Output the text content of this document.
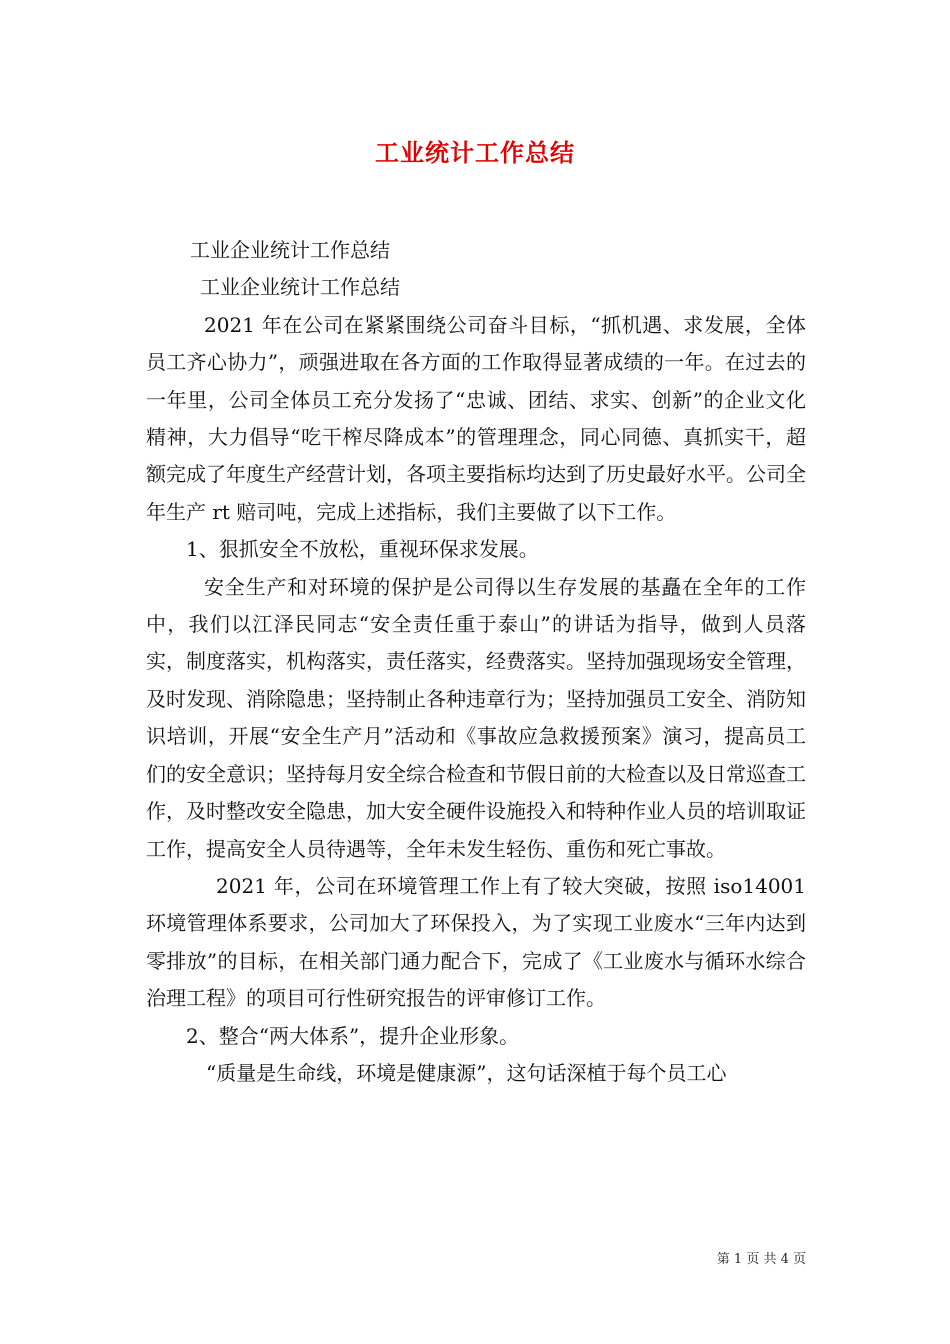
工业统计工作总结

工业企业统计工作总结

工业企业统计工作总结

2021 年在公司在紧紧围绕公司奋斗目标，“抓机遇、求发展，全体员工齐心协力”，顽强进取在各方面的工作取得显著成绩的一年。在过去的一年里，公司全体员工充分发扬了“忠诚、团结、求实、创新”的企业文化精神，大力倡导“吃干榨尽降成本”的管理理念，同心同德、真抓实干，超额完成了年度生产经营计划，各项主要指标均达到了历史最好水平。公司全年生产 rt 赔司吨，完成上述指标，我们主要做了以下工作。

1、狠抓安全不放松，重视环保求发展。

安全生产和对环境的保护是公司得以生存发展的基矗在全年的工作中，我们以江泽民同志“安全责任重于泰山”的讲话为指导，做到人员落实，制度落实，机构落实，责任落实，经费落实。坚持加强现场安全管理，及时发现、消除隐患；坚持制止各种违章行为；坚持加强员工安全、消防知识培训，开展“安全生产月”活动和《事故应急救援预案》演习，提高员工们的安全意识；坚持每月安全综合检查和节假日前的大检查以及日常巡查工作，及时整改安全隐患，加大安全硬件设施投入和特种作业人员的培训取证工作，提高安全人员待遇等，全年未发生轻伤、重伤和死亡事故。

2021 年，公司在环境管理工作上有了较大突破，按照 iso14001 环境管理体系要求，公司加大了环保投入，为了实现工业废水“三年内达到零排放”的目标，在相关部门通力配合下，完成了《工业废水与循环水综合治理工程》的项目可行性研究报告的评审修订工作。

2、整合“两大体系”，提升企业形象。

“质量是生命线，环境是健康源”，这句话深植于每个员工心

第 1 页 共 4 页
